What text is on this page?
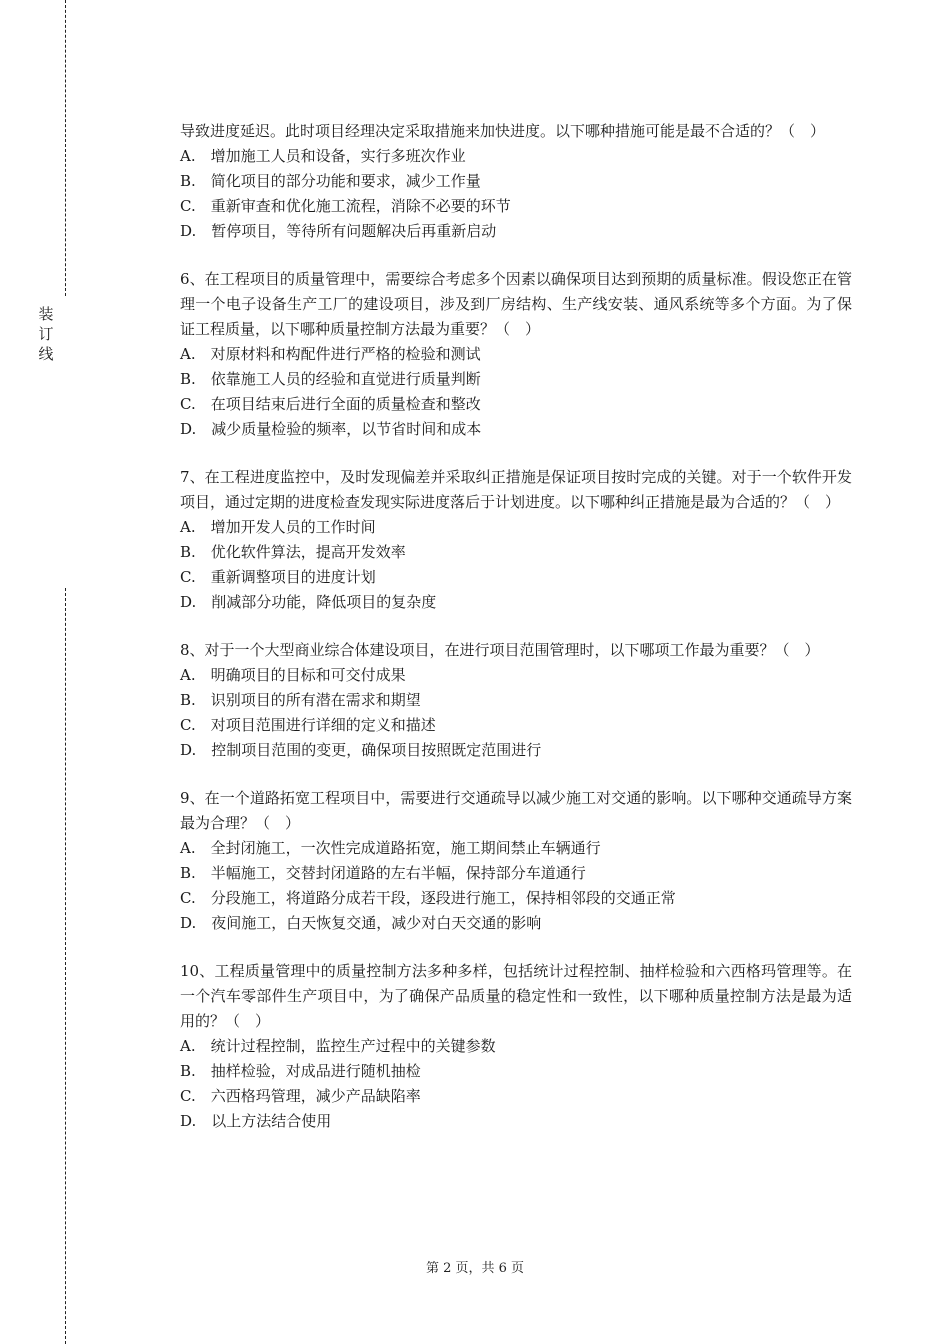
装
订
线

导致进度延迟。此时项目经理决定采取措施来加快进度。以下哪种措施可能是最不合适的？（　）

A.　增加施工人员和设备，实行多班次作业

B.　简化项目的部分功能和要求，减少工作量

C.　重新审查和优化施工流程，消除不必要的环节

D.　暂停项目，等待所有问题解决后再重新启动

6、在工程项目的质量管理中，需要综合考虑多个因素以确保项目达到预期的质量标准。假设您正在管理一个电子设备生产工厂的建设项目，涉及到厂房结构、生产线安装、通风系统等多个方面。为了保证工程质量，以下哪种质量控制方法最为重要？（　）

A.　对原材料和构配件进行严格的检验和测试

B.　依靠施工人员的经验和直觉进行质量判断

C.　在项目结束后进行全面的质量检查和整改

D.　减少质量检验的频率，以节省时间和成本

7、在工程进度监控中，及时发现偏差并采取纠正措施是保证项目按时完成的关键。对于一个软件开发项目，通过定期的进度检查发现实际进度落后于计划进度。以下哪种纠正措施是最为合适的？（　）

A.　增加开发人员的工作时间

B.　优化软件算法，提高开发效率

C.　重新调整项目的进度计划

D.　削减部分功能，降低项目的复杂度

8、对于一个大型商业综合体建设项目，在进行项目范围管理时，以下哪项工作最为重要？（　）

A.　明确项目的目标和可交付成果

B.　识别项目的所有潜在需求和期望

C.　对项目范围进行详细的定义和描述

D.　控制项目范围的变更，确保项目按照既定范围进行

9、在一个道路拓宽工程项目中，需要进行交通疏导以减少施工对交通的影响。以下哪种交通疏导方案最为合理？（　）

A.　全封闭施工，一次性完成道路拓宽，施工期间禁止车辆通行

B.　半幅施工，交替封闭道路的左右半幅，保持部分车道通行

C.　分段施工，将道路分成若干段，逐段进行施工，保持相邻段的交通正常

D.　夜间施工，白天恢复交通，减少对白天交通的影响

10、工程质量管理中的质量控制方法多种多样，包括统计过程控制、抽样检验和六西格玛管理等。在一个汽车零部件生产项目中，为了确保产品质量的稳定性和一致性，以下哪种质量控制方法是最为适用的？（　）

A.　统计过程控制，监控生产过程中的关键参数

B.　抽样检验，对成品进行随机抽检

C.　六西格玛管理，减少产品缺陷率

D.　以上方法结合使用

第 2 页，共 6 页
